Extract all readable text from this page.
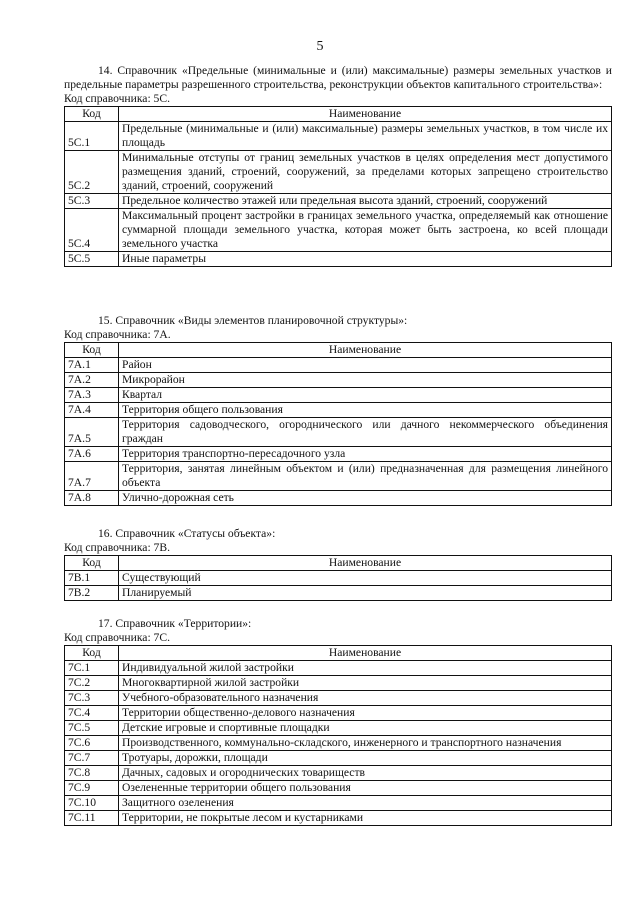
5
14. Справочник «Предельные (минимальные и (или) максимальные) размеры земельных участков и предельные параметры разрешенного строительства, реконструкции объектов капитального строительства»:
Код справочника: 5С.
Код	Наименование
5С.1	Предельные (минимальные и (или) максимальные) размеры земельных участков, в том числе их площадь
5С.2	Минимальные отступы от границ земельных участков в целях определения мест допустимого размещения зданий, строений, сооружений, за пределами которых запрещено строительство зданий, строений, сооружений
5С.3	Предельное количество этажей или предельная высота зданий, строений, сооружений
5С.4	Максимальный процент застройки в границах земельного участка, определяемый как отношение суммарной площади земельного участка, которая может быть застроена, ко всей площади земельного участка
5С.5	Иные параметры
15. Справочник «Виды элементов планировочной структуры»:
Код справочника: 7А.
Код	Наименование
7А.1	Район
7А.2	Микрорайон
7А.3	Квартал
7А.4	Территория общего пользования
7А.5	Территория садоводческого, огороднического или дачного некоммерческого объединения граждан
7А.6	Территория транспортно-пересадочного узла
7А.7	Территория, занятая линейным объектом и (или) предназначенная для размещения линейного объекта
7А.8	Улично-дорожная сеть
16. Справочник «Статусы объекта»:
Код справочника: 7В.
Код	Наименование
7В.1	Существующий
7В.2	Планируемый
17. Справочник «Территории»:
Код справочника: 7С.
Код	Наименование
7С.1	Индивидуальной жилой застройки
7С.2	Многоквартирной жилой застройки
7С.3	Учебного-образовательного назначения
7С.4	Территории общественно-делового назначения
7С.5	Детские игровые и спортивные площадки
7С.6	Производственного, коммунально-складского, инженерного и транспортного назначения
7С.7	Тротуары, дорожки, площади
7С.8	Дачных, садовых и огороднических товариществ
7С.9	Озелененные территории общего пользования
7С.10	Защитного озеленения
7С.11	Территории, не покрытые лесом и кустарниками
